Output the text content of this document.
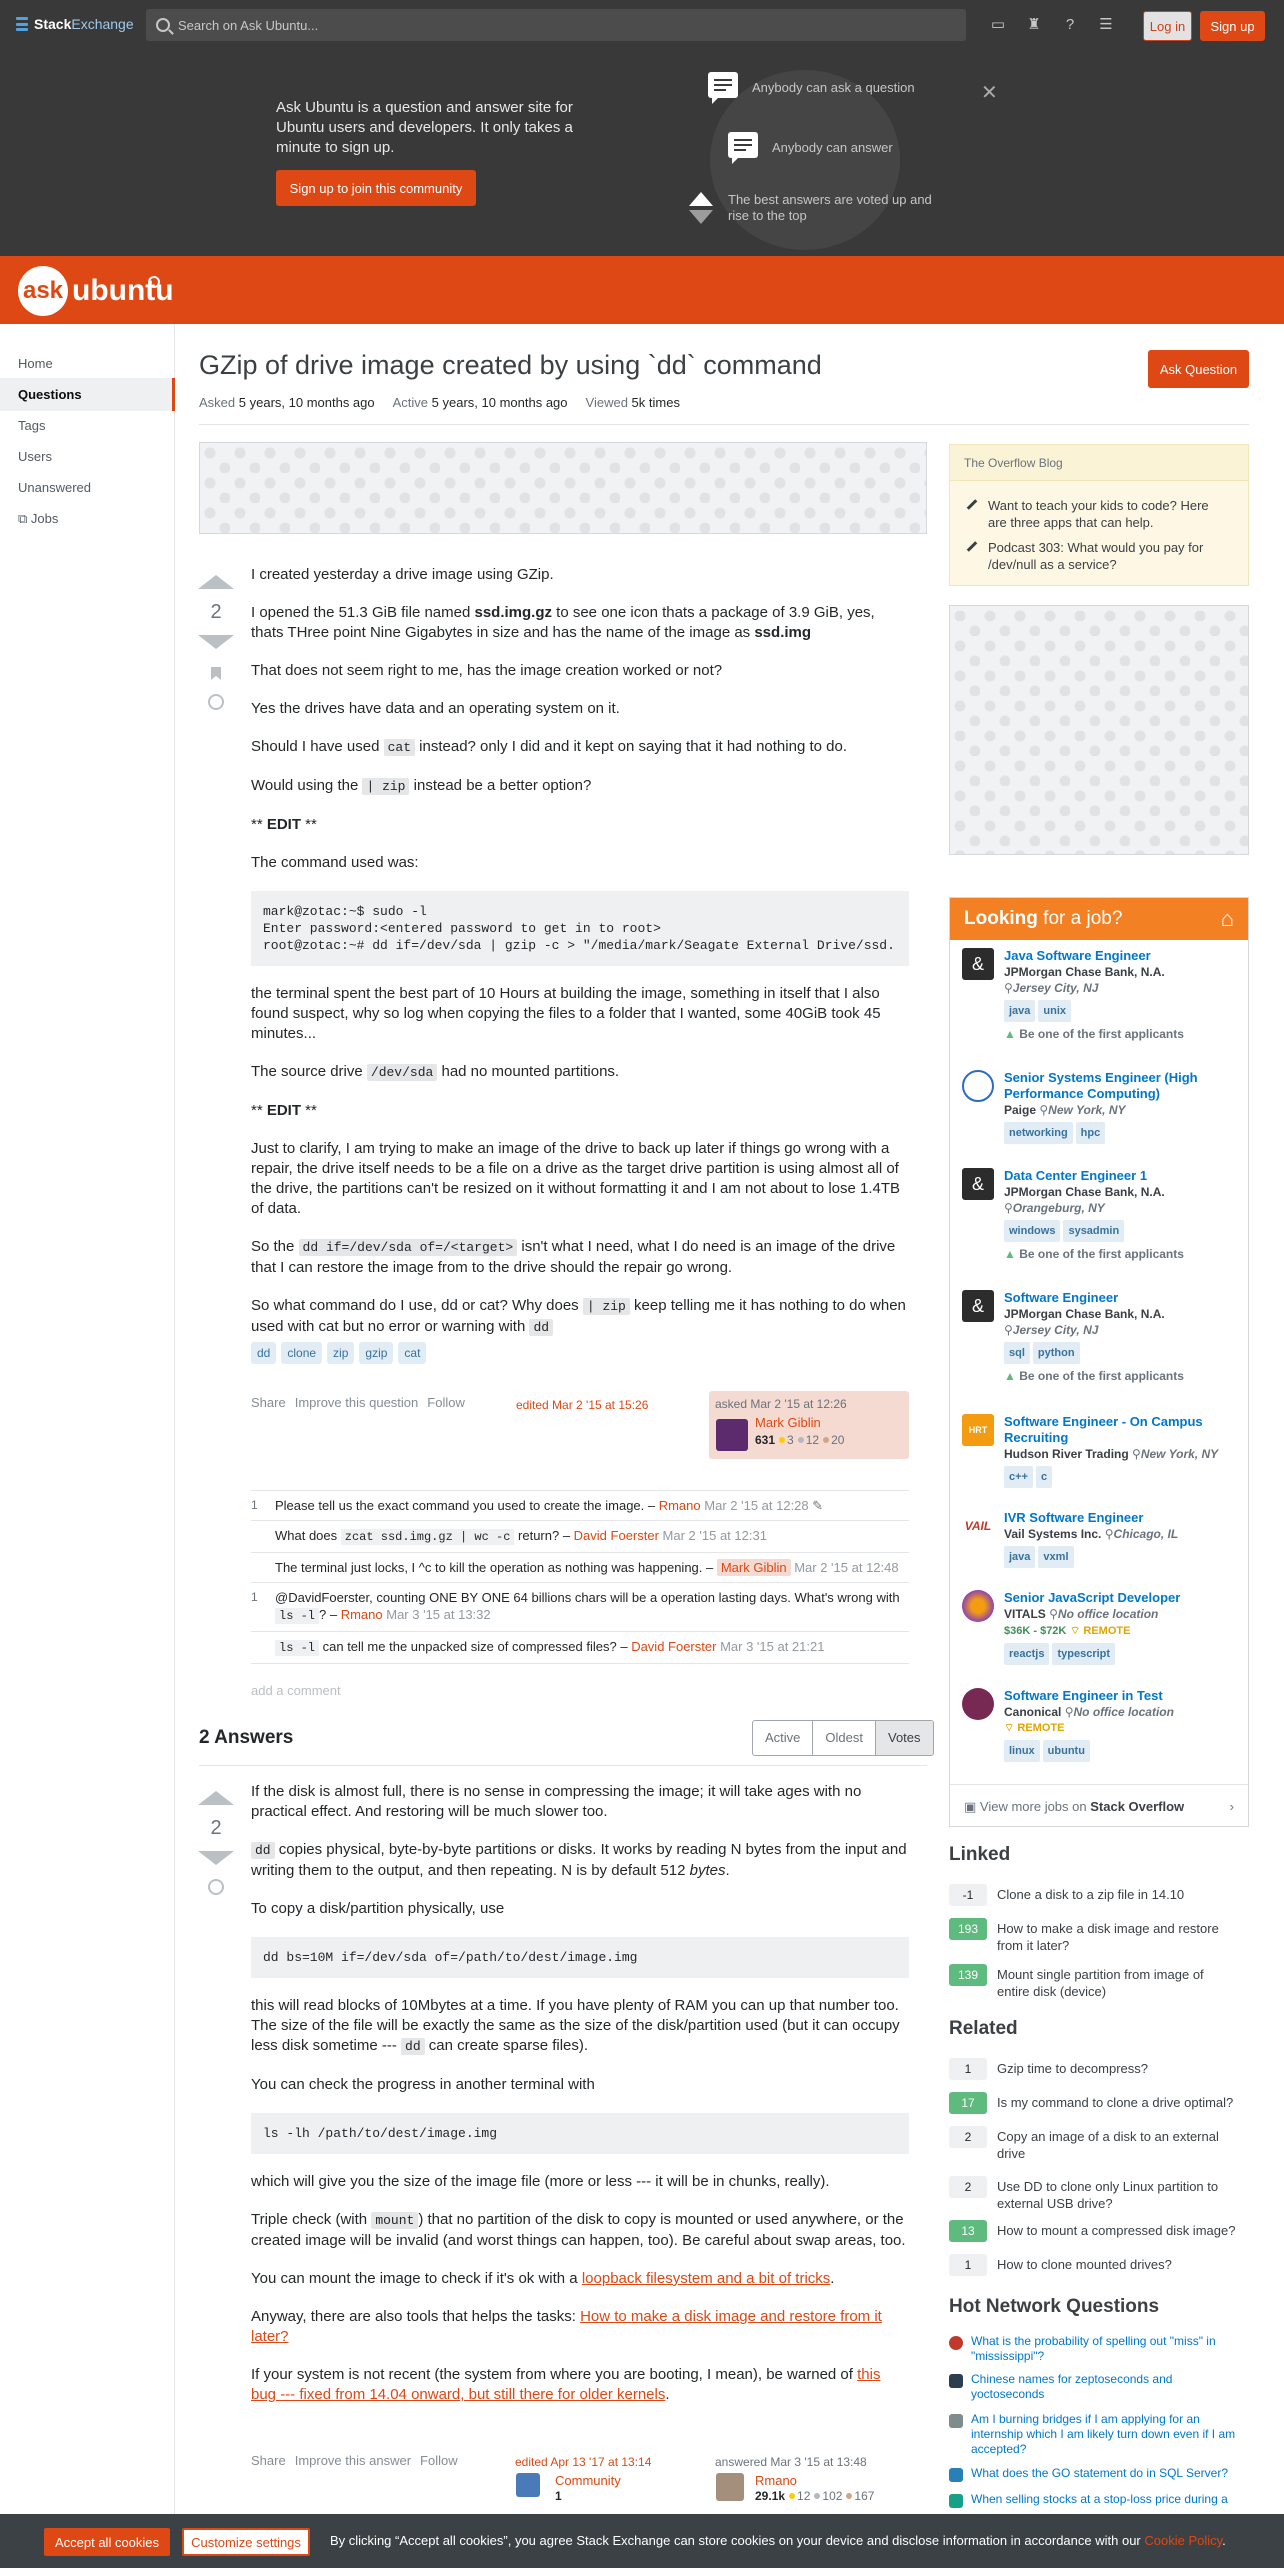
Stack Exchange	Search on Ask Ubuntu...	▭ ♜	?	☰	Log in	Sign up
Ask Ubuntu is a question and answer site for Ubuntu users and developers. It only takes a minute to sign up.
Sign up to join this community
Anybody can ask a question
Anybody can answer
The best answers are voted up and rise to the top
✕
ask ubuntu
Home
Questions
Tags
Users
Unanswered
⧉ Jobs
GZip of drive image created by using `dd` command	Ask Question
Asked 5 years, 10 months ago Active 5 years, 10 months ago Viewed 5k times
2

I created yesterday a drive image using GZip.

I opened the 51.3 GiB file named ssd.img.gz to see one icon thats a package of 3.9 GiB, yes, thats THree point Nine Gigabytes in size and has the name of the image as ssd.img

That does not seem right to me, has the image creation worked or not?

Yes the drives have data and an operating system on it.

Should I have used cat instead? only I did and it kept on saying that it had nothing to do.

Would using the | zip instead be a better option?

** EDIT **

The command used was:

mark@zotac:~$ sudo -l
Enter password:<entered password to get in to root>
root@zotac:~# dd if=/dev/sda | gzip -c > "/media/mark/Seagate External Drive/ssd.

the terminal spent the best part of 10 Hours at building the image, something in itself that I also found suspect, why so log when copying the files to a folder that I wanted, some 40GiB took 45 minutes...

The source drive /dev/sda had no mounted partitions.

** EDIT **

Just to clarify, I am trying to make an image of the drive to back up later if things go wrong with a repair, the drive itself needs to be a file on a drive as the target drive partition is using almost all of the drive, the partitions can't be resized on it without formatting it and I am not about to lose 1.4TB of data.

So the dd if=/dev/sda of=/<target> isn't what I need, what I do need is an image of the drive that I can restore the image from to the drive should the repair go wrong.

So what command do I use, dd or cat? Why does | zip keep telling me it has nothing to do when used with cat but no error or warning with dd

dd	clone	zip	gzip	cat
Share Improve this question Follow	edited Mar 2 '15 at 15:26	asked Mar 2 '15 at 12:26
Mark Giblin
631 3 12 20
1 Please tell us the exact command you used to create the image. – Rmano Mar 2 '15 at 12:28 ✎
What does zcat ssd.img.gz | wc -c return? – David Foerster Mar 2 '15 at 12:31
The terminal just locks, I ^c to kill the operation as nothing was happening. – Mark Giblin Mar 2 '15 at 12:48
1 @DavidFoerster, counting ONE BY ONE 64 billions chars will be a operation lasting days. What's wrong with ls -l ? – Rmano Mar 3 '15 at 13:32
ls -l can tell me the unpacked size of compressed files? – David Foerster Mar 3 '15 at 21:21
add a comment
2 Answers	Active	Oldest	Votes
2

If the disk is almost full, there is no sense in compressing the image; it will take ages with no practical effect. And restoring will be much slower too.

dd copies physical, byte-by-byte partitions or disks. It works by reading N bytes from the input and writing them to the output, and then repeating. N is by default 512 bytes.

To copy a disk/partition physically, use

dd bs=10M if=/dev/sda of=/path/to/dest/image.img

this will read blocks of 10Mbytes at a time. If you have plenty of RAM you can up that number too. The size of the file will be exactly the same as the size of the disk/partition used (but it can occupy less disk sometime --- dd can create sparse files).

You can check the progress in another terminal with

ls -lh /path/to/dest/image.img

which will give you the size of the image file (more or less --- it will be in chunks, really).

Triple check (with mount ) that no partition of the disk to copy is mounted or used anywhere, or the created image will be invalid (and worst things can happen, too). Be careful about swap areas, too.

You can mount the image to check if it's ok with a loopback filesystem and a bit of tricks.

Anyway, there are also tools that helps the tasks: How to make a disk image and restore from it later?

If your system is not recent (the system from where you are booting, I mean), be warned of this bug --- fixed from 14.04 onward, but still there for older kernels.

Share Improve this answer Follow	edited Apr 13 '17 at 13:14
Community
1
answered Mar 3 '15 at 13:48
Rmano
29.1k 12 102 167
The Overflow Blog
Want to teach your kids to code? Here are three apps that can help.
Podcast 303: What would you pay for /dev/null as a service?
Looking for a job?	⌂
&	Java Software Engineer
JPMorgan Chase Bank, N.A.
⚲Jersey City, NJ
java unix
▲ Be one of the first applicants
Senior Systems Engineer (High Performance Computing)
Paige ⚲New York, NY
networking hpc
&	Data Center Engineer 1
JPMorgan Chase Bank, N.A.
⚲Orangeburg, NY
windows sysadmin
▲ Be one of the first applicants
&	Software Engineer
JPMorgan Chase Bank, N.A.
⚲Jersey City, NJ
sql python
▲ Be one of the first applicants
HRT
Software Engineer - On Campus Recruiting
Hudson River Trading ⚲New York, NY
c++ c
VAIL
IVR Software Engineer
Vail Systems Inc. ⚲Chicago, IL
java vxml
Senior JavaScript Developer
VITALS ⚲No office location
$36K - $72K ⌔ REMOTE
reactjs typescript
Software Engineer in Test
Canonical ⚲No office location
⌔ REMOTE
linux ubuntu
▣ View more jobs on Stack Overflow	›
Linked
-1	Clone a disk to a zip file in 14.10
193	How to make a disk image and restore from it later?
139	Mount single partition from image of entire disk (device)
Related
1	Gzip time to decompress?
17	Is my command to clone a drive optimal?
2	Copy an image of a disk to an external drive
2	Use DD to clone only Linux partition to external USB drive?
13	How to mount a compressed disk image?
1	How to clone mounted drives?
Hot Network Questions
What is the probability of spelling out "miss" in "mississippi"?
Chinese names for zeptoseconds and yoctoseconds
Am I burning bridges if I am applying for an internship which I am likely turn down even if I am accepted?
What does the GO statement do in SQL Server?
When selling stocks at a stop-loss price during a
Accept all cookies	Customize settings	By clicking “Accept all cookies”, you agree Stack Exchange can store cookies on your device and disclose information in accordance with our Cookie Policy.
